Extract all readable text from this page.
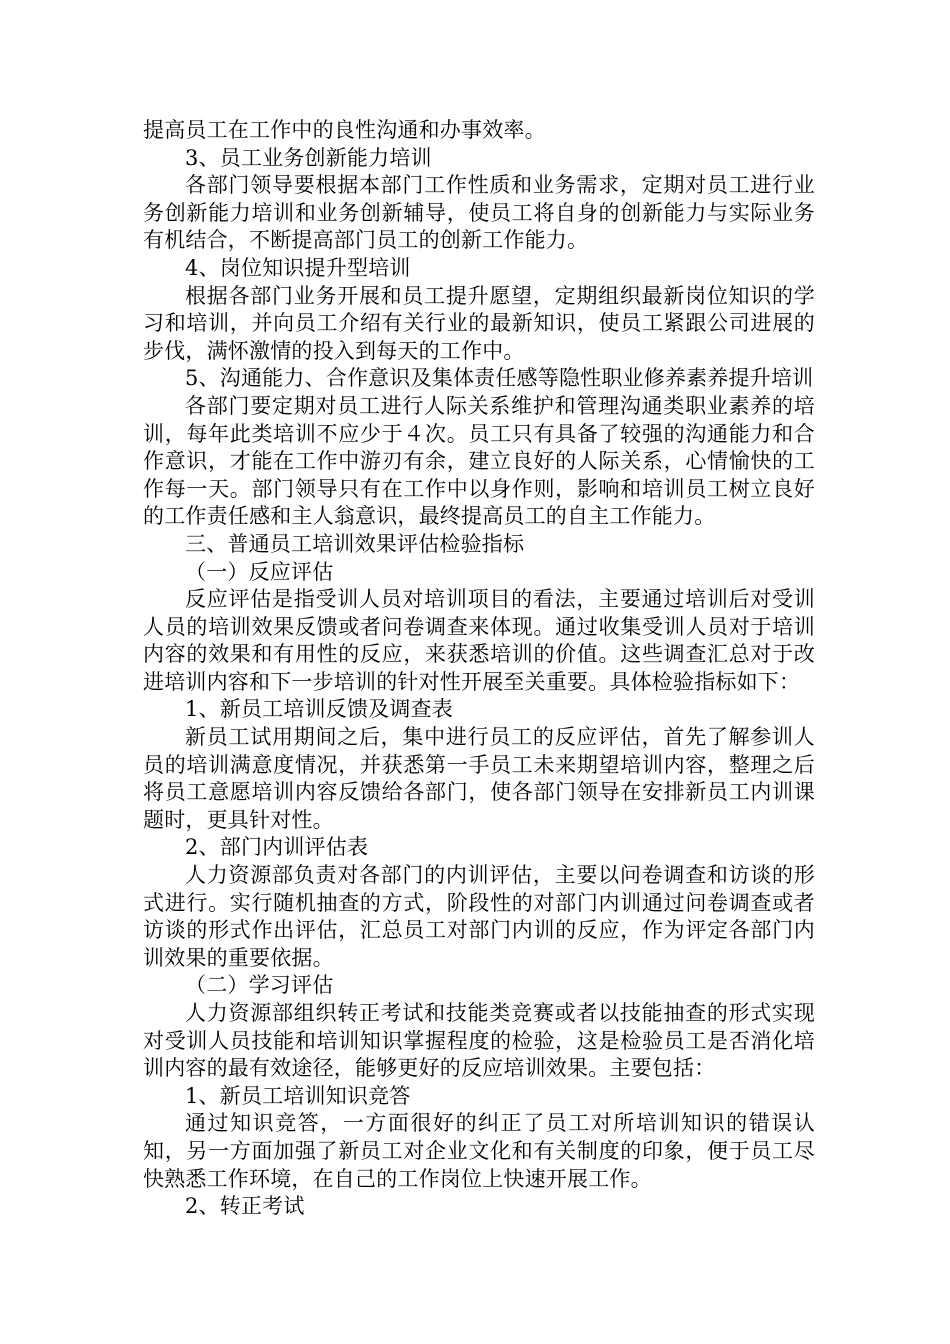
提高员工在工作中的良性沟通和办事效率。

3、员工业务创新能力培训

各部门领导要根据本部门工作性质和业务需求，定期对员工进行业务创新能力培训和业务创新辅导，使员工将自身的创新能力与实际业务有机结合，不断提高部门员工的创新工作能力。

4、岗位知识提升型培训

根据各部门业务开展和员工提升愿望，定期组织最新岗位知识的学习和培训，并向员工介绍有关行业的最新知识，使员工紧跟公司进展的步伐，满怀激情的投入到每天的工作中。

5、沟通能力、合作意识及集体责任感等隐性职业修养素养提升培训

各部门要定期对员工进行人际关系维护和管理沟通类职业素养的培训，每年此类培训不应少于４次。员工只有具备了较强的沟通能力和合作意识，才能在工作中游刃有余，建立良好的人际关系，心情愉快的工作每一天。部门领导只有在工作中以身作则，影响和培训员工树立良好的工作责任感和主人翁意识，最终提高员工的自主工作能力。

三、普通员工培训效果评估检验指标

（一）反应评估

反应评估是指受训人员对培训项目的看法，主要通过培训后对受训人员的培训效果反馈或者问卷调查来体现。通过收集受训人员对于培训内容的效果和有用性的反应，来获悉培训的价值。这些调查汇总对于改进培训内容和下一步培训的针对性开展至关重要。具体检验指标如下：

1、新员工培训反馈及调查表

新员工试用期间之后，集中进行员工的反应评估，首先了解参训人员的培训满意度情况，并获悉第一手员工未来期望培训内容，整理之后将员工意愿培训内容反馈给各部门，使各部门领导在安排新员工内训课题时，更具针对性。

2、部门内训评估表

人力资源部负责对各部门的内训评估，主要以问卷调查和访谈的形式进行。实行随机抽查的方式，阶段性的对部门内训通过问卷调查或者访谈的形式作出评估，汇总员工对部门内训的反应，作为评定各部门内训效果的重要依据。

（二）学习评估

人力资源部组织转正考试和技能类竞赛或者以技能抽查的形式实现对受训人员技能和培训知识掌握程度的检验，这是检验员工是否消化培训内容的最有效途径，能够更好的反应培训效果。主要包括：

1、新员工培训知识竞答

通过知识竞答，一方面很好的纠正了员工对所培训知识的错误认知，另一方面加强了新员工对企业文化和有关制度的印象，便于员工尽快熟悉工作环境，在自己的工作岗位上快速开展工作。

2、转正考试
